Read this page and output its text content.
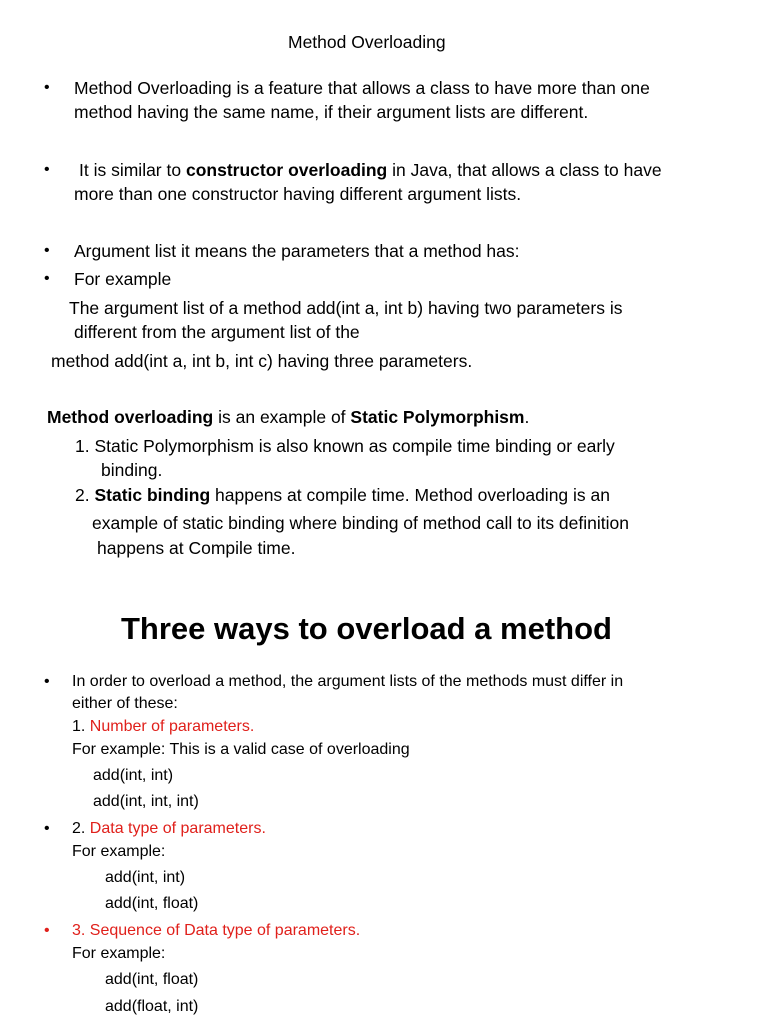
Method Overloading
• Method Overloading is a feature that allows a class to have more than one
method having the same name, if their argument lists are different.
• It is similar to constructor overloading in Java, that allows a class to have
more than one constructor having different argument lists.
• Argument list it means the parameters that a method has:
• For example
The argument list of a method add(int a, int b) having two parameters is
different from the argument list of the
method add(int a, int b, int c) having three parameters.
Method overloading is an example of Static Polymorphism.
1. Static Polymorphism is also known as compile time binding or early
binding.
2. Static binding happens at compile time. Method overloading is an
example of static binding where binding of method call to its definition
happens at Compile time.
Three ways to overload a method
• In order to overload a method, the argument lists of the methods must differ in
either of these:
1. Number of parameters.
For example: This is a valid case of overloading
add(int, int)
add(int, int, int)
• 2. Data type of parameters.
For example:
add(int, int)
add(int, float)
• 3. Sequence of Data type of parameters.
For example:
add(int, float)
add(float, int)
